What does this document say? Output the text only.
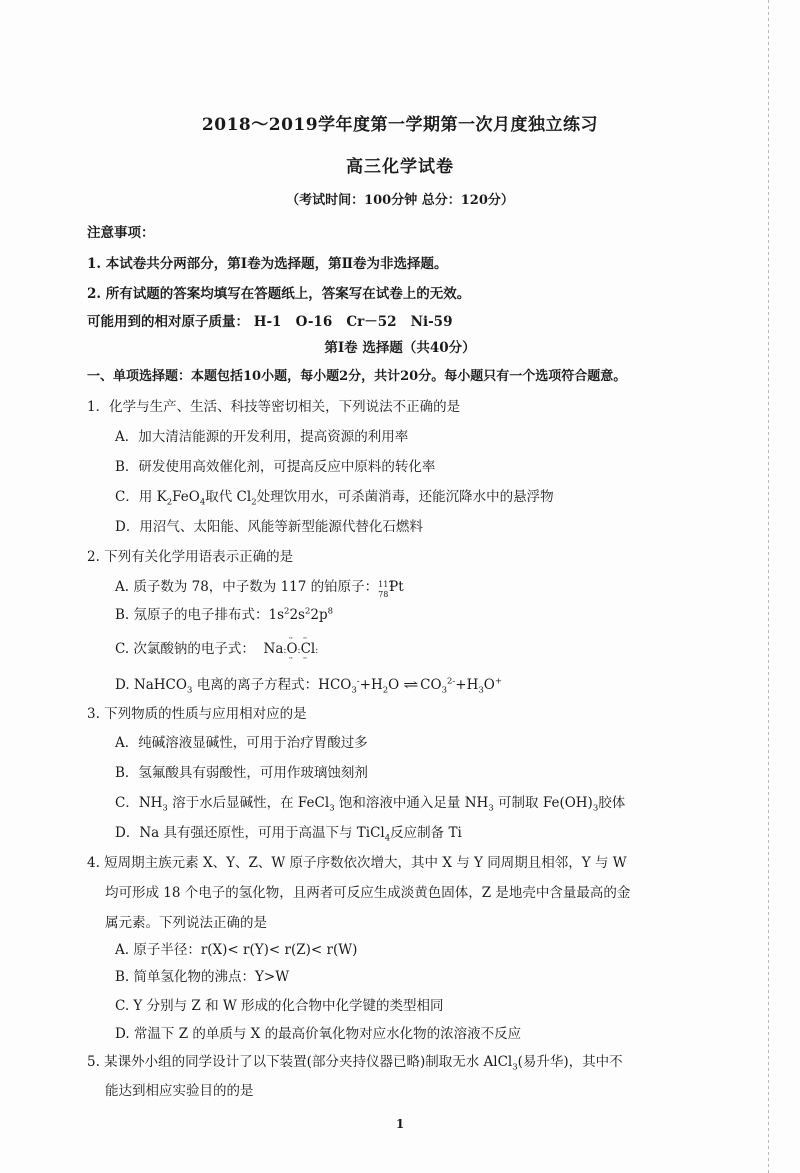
2018～2019学年度第一学期第一次月度独立练习
高三化学试卷
（考试时间：100分钟 总分：120分）
注意事项：
1. 本试卷共分两部分，第Ⅰ卷为选择题，第Ⅱ卷为非选择题。
2. 所有试题的答案均填写在答题纸上，答案写在试卷上的无效。
可能用到的相对原子质量： H-1 O-16 Cr－52 Ni-59
第Ⅰ卷 选择题（共40分）
一、单项选择题：本题包括10小题，每小题2分，共计20分。每小题只有一个选项符合题意。
1．化学与生产、生活、科技等密切相关，下列说法不正确的是
A．加大清洁能源的开发利用，提高资源的利用率
B．研发使用高效催化剂，可提高反应中原料的转化率
C．用 $K_2FeO_4$取代 $Cl_2$处理饮用水，可杀菌消毒，还能沉降水中的悬浮物
D．用沼气、太阳能、风能等新型能源代替化石燃料
2. 下列有关化学用语表示正确的是
A. 质子数为 78，中子数为 117 的铂原子： 117
78 Pt
B. 氖原子的电子排布式：$1s^22s^22p^8$
C. 次氯酸钠的电子式： Na:·· O ··:·· Cl ··:
D. NaHCO$_3$ 电离的离子方程式：$HCO_3^-+H_2O$ ⇌ $CO_3^{2-}+H_3O^+$
3. 下列物质的性质与应用相对应的是
A．纯碱溶液显碱性，可用于治疗胃酸过多
B．氢氟酸具有弱酸性，可用作玻璃蚀刻剂
C．$NH_3$ 溶于水后显碱性，在 FeCl$_3$ 饱和溶液中通入足量 $NH_3$ 可制取 $Fe(OH)_3$胶体
D．Na 具有强还原性，可用于高温下与 TiCl$_4$反应制备 Ti
4. 短周期主族元素 X、Y、Z、W 原子序数依次增大，其中 X 与 Y 同周期且相邻，Y 与 W
均可形成 18 个电子的氢化物，且两者可反应生成淡黄色固体，Z 是地壳中含量最高的金
属元素。下列说法正确的是
A. 原子半径：r(X)< r(Y)< r(Z)< r(W)
B. 简单氢化物的沸点：Y>W
C. Y 分别与 Z 和 W 形成的化合物中化学键的类型相同
D. 常温下 Z 的单质与 X 的最高价氧化物对应水化物的浓溶液不反应
5. 某课外小组的同学设计了以下装置(部分夹持仪器已略)制取无水 AlCl$_3$(易升华)，其中不
能达到相应实验目的的是
1
